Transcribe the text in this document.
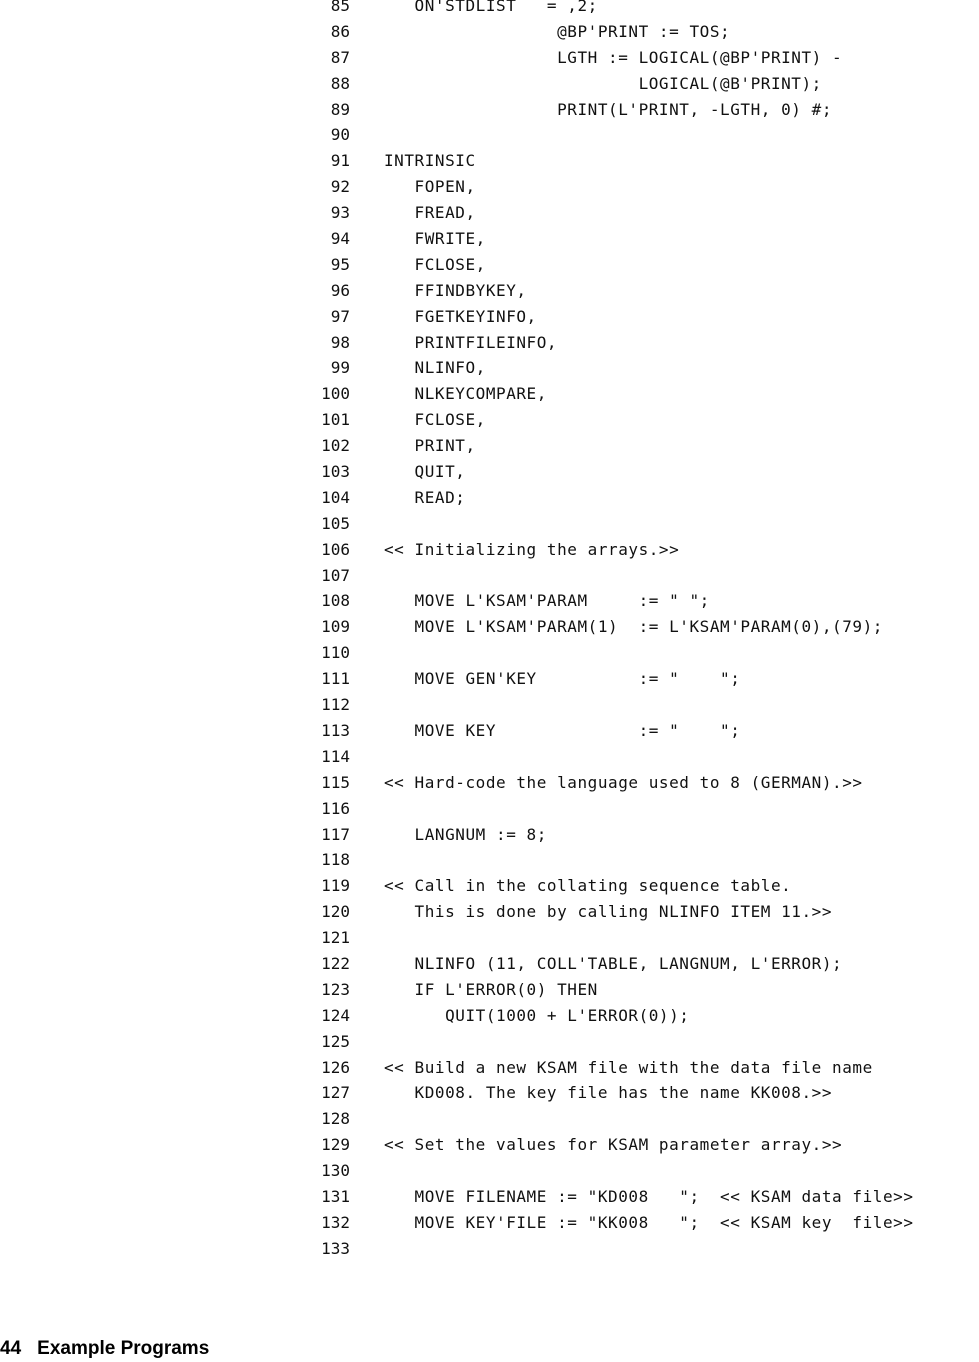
85 ON'STDLIST   = ,2;
86 @BP'PRINT := TOS;
87 LGTH := LOGICAL(@BP'PRINT) -
88 LOGICAL(@B'PRINT);
89 PRINT(L'PRINT, -LGTH, 0) #;
90
91 INTRINSIC
92 FOPEN,
93 FREAD,
94 FWRITE,
95 FCLOSE,
96 FFINDBYKEY,
97 FGETKEYINFO,
98 PRINTFILEINFO,
99 NLINFO,
100 NLKEYCOMPARE,
101 FCLOSE,
102 PRINT,
103 QUIT,
104 READ;
105
106 << Initializing the arrays.>>
107
108 MOVE L'KSAM'PARAM     := " ";
109 MOVE L'KSAM'PARAM(1)  := L'KSAM'PARAM(0),(79);
110
111 MOVE GEN'KEY          := "    ";
112
113 MOVE KEY              := "    ";
114
115 << Hard-code the language used to 8 (GERMAN).>>
116
117 LANGNUM := 8;
118
119 << Call in the collating sequence table.
120 This is done by calling NLINFO ITEM 11.>>
121
122 NLINFO (11, COLL'TABLE, LANGNUM, L'ERROR);
123 IF L'ERROR(0) THEN
124 QUIT(1000 + L'ERROR(0));
125
126 << Build a new KSAM file with the data file name
127 KD008. The key file has the name KK008.>>
128
129 << Set the values for KSAM parameter array.>>
130
131 MOVE FILENAME := "KD008   ";  << KSAM data file>>
132 MOVE KEY'FILE := "KK008   ";  << KSAM key  file>>
133
44 Example Programs
